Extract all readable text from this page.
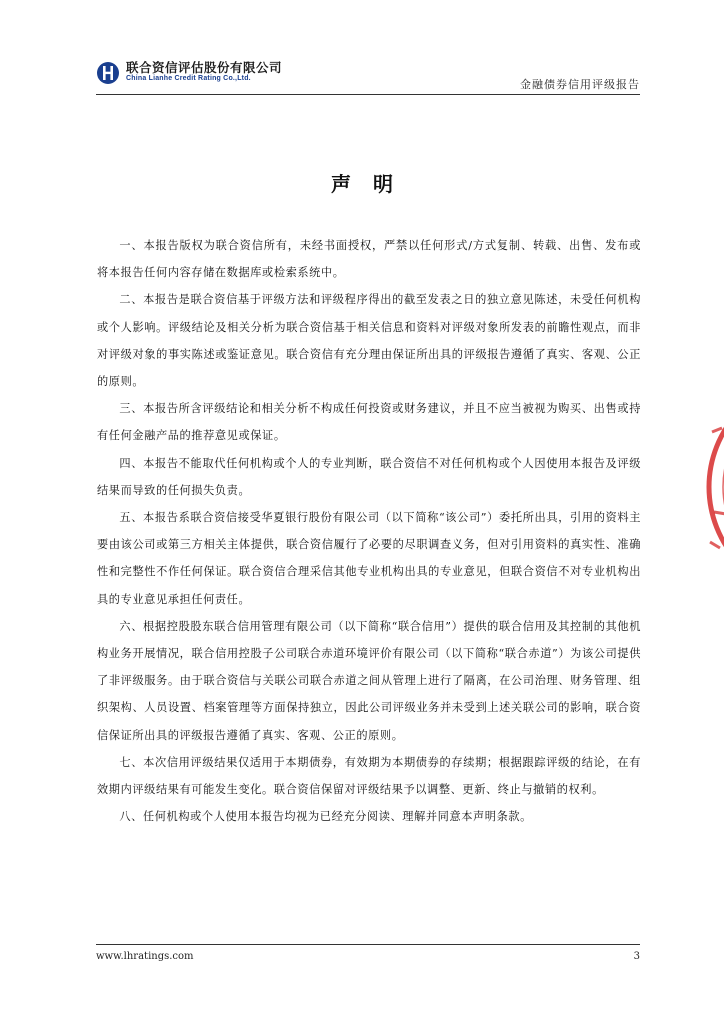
联合资信评估股份有限公司
China Lianhe Credit Rating Co.,Ltd.	金融债券信用评级报告
声明

一、本报告版权为联合资信所有，未经书面授权，严禁以任何形式/方式复制、转载、出售、发布或将本报告任何内容存储在数据库或检索系统中。

二、本报告是联合资信基于评级方法和评级程序得出的截至发表之日的独立意见陈述，未受任何机构或个人影响。评级结论及相关分析为联合资信基于相关信息和资料对评级对象所发表的前瞻性观点，而非对评级对象的事实陈述或鉴证意见。联合资信有充分理由保证所出具的评级报告遵循了真实、客观、公正的原则。

三、本报告所含评级结论和相关分析不构成任何投资或财务建议，并且不应当被视为购买、出售或持有任何金融产品的推荐意见或保证。

四、本报告不能取代任何机构或个人的专业判断，联合资信不对任何机构或个人因使用本报告及评级结果而导致的任何损失负责。

五、本报告系联合资信接受华夏银行股份有限公司（以下简称“该公司”）委托所出具，引用的资料主要由该公司或第三方相关主体提供，联合资信履行了必要的尽职调查义务，但对引用资料的真实性、准确性和完整性不作任何保证。联合资信合理采信其他专业机构出具的专业意见，但联合资信不对专业机构出具的专业意见承担任何责任。

六、根据控股股东联合信用管理有限公司（以下简称“联合信用”）提供的联合信用及其控制的其他机构业务开展情况，联合信用控股子公司联合赤道环境评价有限公司（以下简称“联合赤道”）为该公司提供了非评级服务。由于联合资信与关联公司联合赤道之间从管理上进行了隔离，在公司治理、财务管理、组织架构、人员设置、档案管理等方面保持独立，因此公司评级业务并未受到上述关联公司的影响，联合资信保证所出具的评级报告遵循了真实、客观、公正的原则。

七、本次信用评级结果仅适用于本期债券，有效期为本期债券的存续期；根据跟踪评级的结论，在有效期内评级结果有可能发生变化。联合资信保留对评级结果予以调整、更新、终止与撤销的权利。

八、任何机构或个人使用本报告均视为已经充分阅读、理解并同意本声明条款。

www.lhratings.com	3
